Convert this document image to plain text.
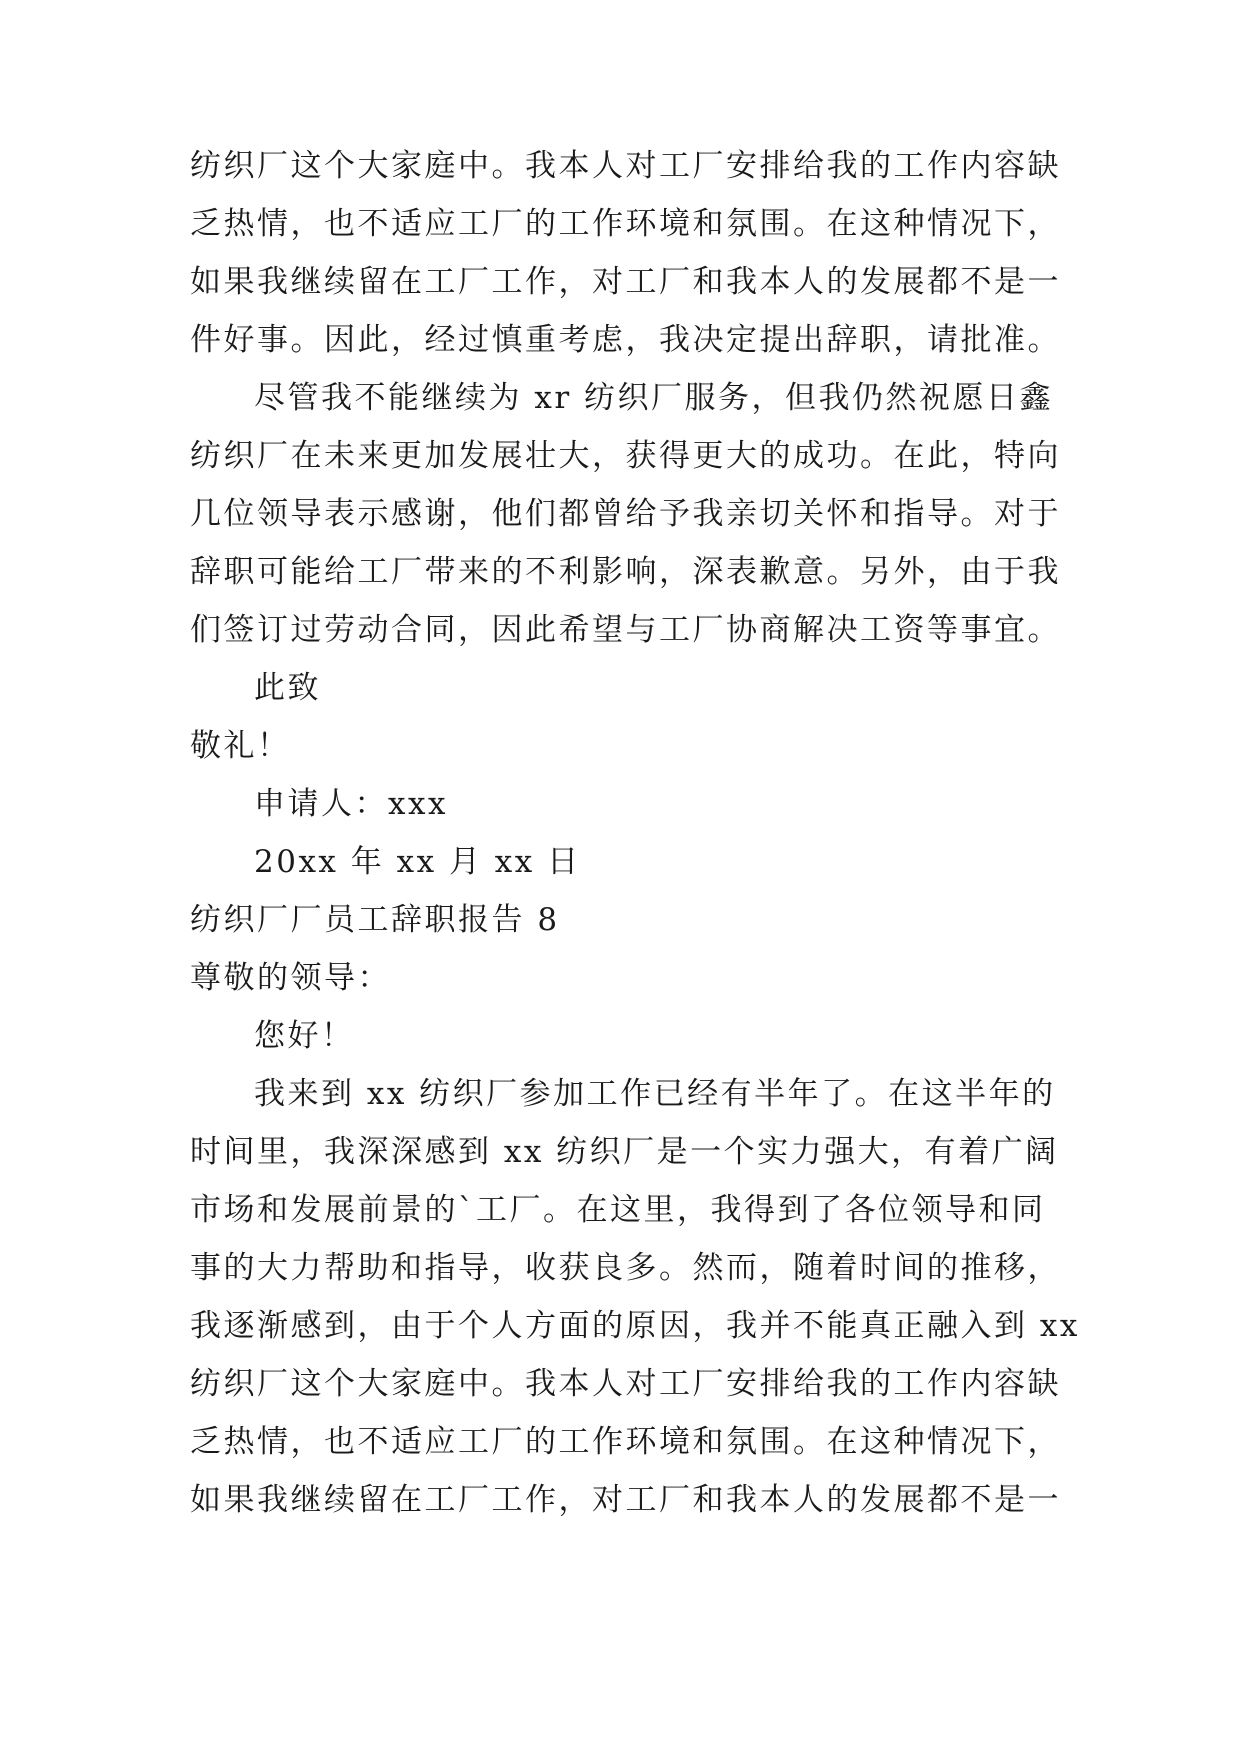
纺织厂这个大家庭中。我本人对工厂安排给我的工作内容缺
乏热情，也不适应工厂的工作环境和氛围。在这种情况下，
如果我继续留在工厂工作，对工厂和我本人的发展都不是一
件好事。因此，经过慎重考虑，我决定提出辞职，请批准。
尽管我不能继续为 xr 纺织厂服务，但我仍然祝愿日鑫
纺织厂在未来更加发展壮大，获得更大的成功。在此，特向
几位领导表示感谢，他们都曾给予我亲切关怀和指导。对于
辞职可能给工厂带来的不利影响，深表歉意。另外，由于我
们签订过劳动合同，因此希望与工厂协商解决工资等事宜。
此致
敬礼！
申请人：xxx
20xx 年 xx 月 xx 日
纺织厂厂员工辞职报告 8
尊敬的领导：
您好！
我来到 xx 纺织厂参加工作已经有半年了。在这半年的
时间里，我深深感到 xx 纺织厂是一个实力强大，有着广阔
市场和发展前景的`工厂。在这里，我得到了各位领导和同
事的大力帮助和指导，收获良多。然而，随着时间的推移，
我逐渐感到，由于个人方面的原因，我并不能真正融入到 xx
纺织厂这个大家庭中。我本人对工厂安排给我的工作内容缺
乏热情，也不适应工厂的工作环境和氛围。在这种情况下，
如果我继续留在工厂工作，对工厂和我本人的发展都不是一
